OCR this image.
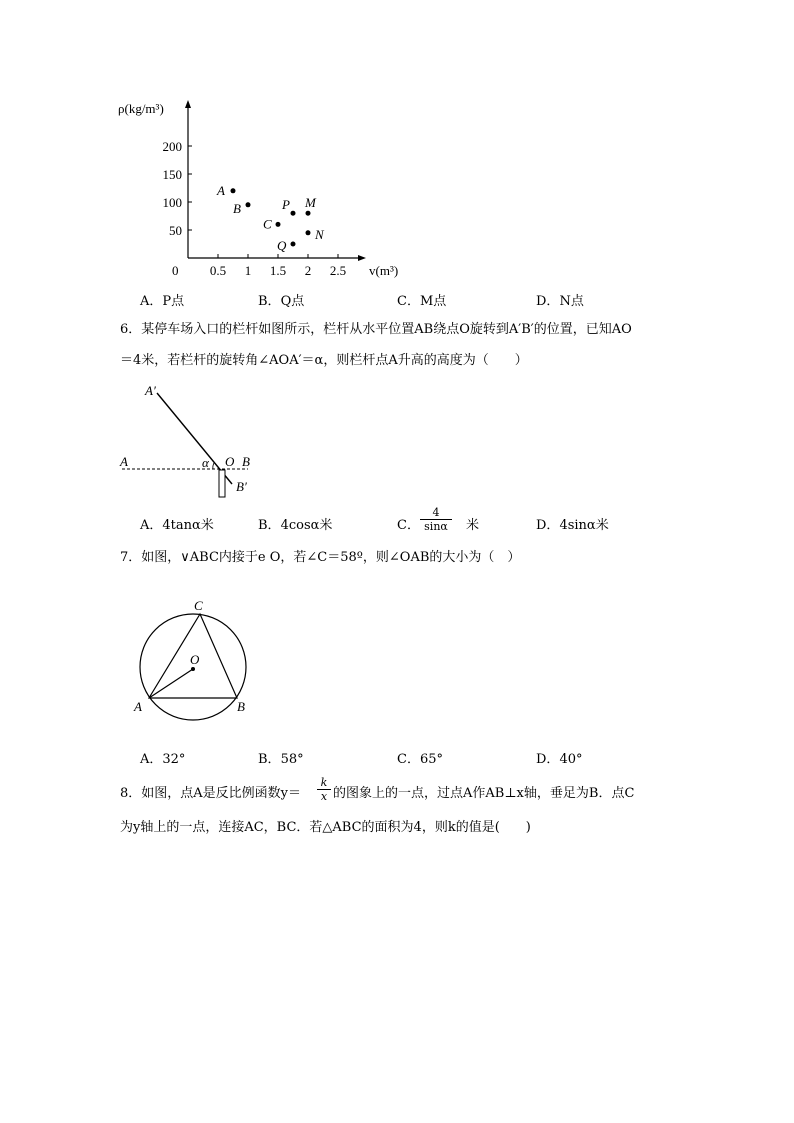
0.5 1 1.5 2 2.5
200
150
100
50
A
B
C
P
Q
M
N
ρ(kg/m³)
v(m³)
0
A．P点	B．Q点	C．M点	D．N点
6．某停车场入口的栏杆如图所示，栏杆从水平位置AB绕点O旋转到A′B′的位置，已知AO
＝4米，若栏杆的旋转角∠AOA′＝α，则栏杆点A升高的高度为（　　）
A′
A	α O B
B′
A．4tanα米	B．4cosα米	C． $\frac{4}{\sin\alpha}$ 米	D．4sinα米
7．如图，∨ABC内接于e O，若∠C＝58º，则∠OAB的大小为（　）
C
O
A	B
A．32°	B．58°	C．65°	D．40°
8．如图，点A是反比例函数$y= \frac{k}{x}$ 的图象上的一点，过点A作AB⊥x轴，垂足为B．点C
为y轴上的一点，连接AC，BC．若△ABC的面积为4，则k的值是(　　)
